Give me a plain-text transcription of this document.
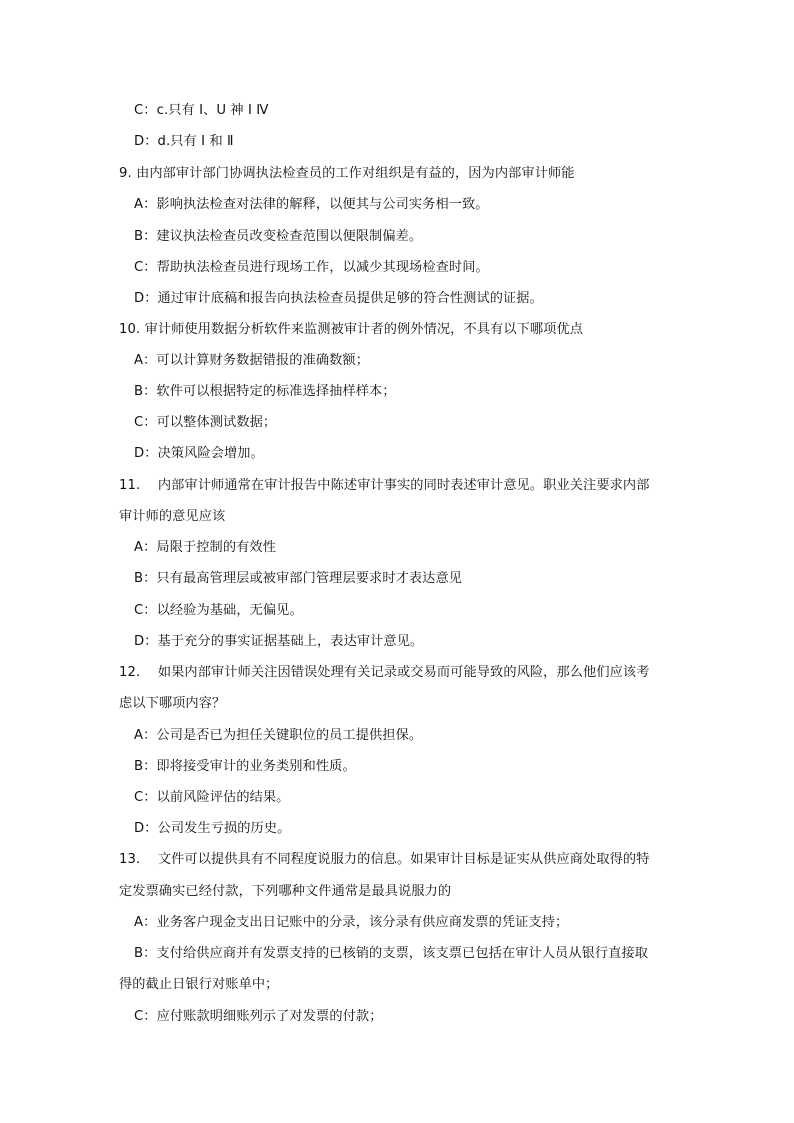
C：c.只有 Ⅰ、U 神 Ⅰ Ⅳ
D：d.只有 Ⅰ 和 Ⅱ
9. 由内部审计部门协调执法检查员的工作对组织是有益的，因为内部审计师能
A：影响执法检查对法律的解释，以便其与公司实务相一致。
B：建议执法检查员改变检查范围以便限制偏差。
C：帮助执法检查员进行现场工作，以减少其现场检查时间。
D：通过审计底稿和报告向执法检查员提供足够的符合性测试的证据。
10. 审计师使用数据分析软件来监测被审计者的例外情况，不具有以下哪项优点
A：可以计算财务数据错报的准确数额；
B：软件可以根据特定的标准选择抽样样本；
C：可以整体测试数据；
D：决策风险会增加。
11.　 内部审计师通常在审计报告中陈述审计事实的同时表述审计意见。职业关注要求内部
审计师的意见应该
A：局限于控制的有效性
B：只有最高管理层或被审部门管理层要求时才表达意见
C：以经验为基础，无偏见。
D：基于充分的事实证据基础上，表达审计意见。
12.　 如果内部审计师关注因错误处理有关记录或交易而可能导致的风险，那么他们应该考
虑以下哪项内容？
A：公司是否已为担任关键职位的员工提供担保。
B：即将接受审计的业务类别和性质。
C：以前风险评估的结果。
D：公司发生亏损的历史。
13.　 文件可以提供具有不同程度说服力的信息。如果审计目标是证实从供应商处取得的特
定发票确实已经付款，下列哪种文件通常是最具说服力的
A：业务客户现金支出日记账中的分录，该分录有供应商发票的凭证支持；
B：支付给供应商并有发票支持的已核销的支票，该支票已包括在审计人员从银行直接取
得的截止日银行对账单中；
C：应付账款明细账列示了对发票的付款；
